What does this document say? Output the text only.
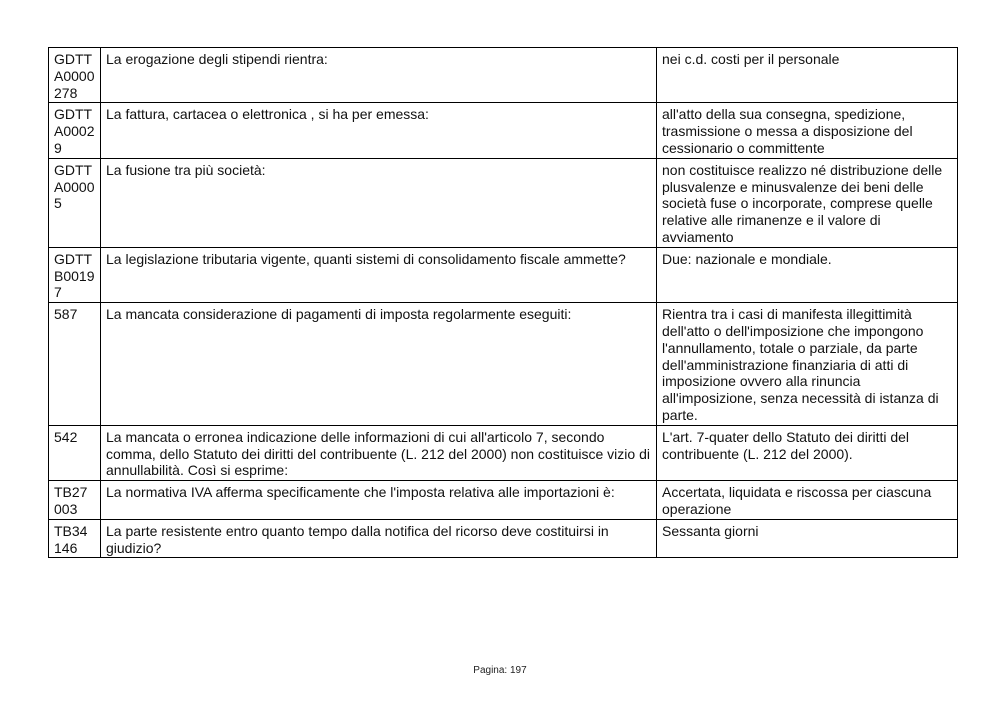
GDTTA0000278	La erogazione degli stipendi rientra:	nei c.d. costi per il personale
GDTTA00029	La fattura, cartacea o elettronica , si ha per emessa:	all'atto della sua consegna, spedizione, trasmissione o messa a disposizione del cessionario o committente
GDTTA00005	La fusione tra più società:	non costituisce realizzo né distribuzione delle plusvalenze e minusvalenze dei beni delle società fuse o incorporate, comprese quelle relative alle rimanenze e il valore di avviamento
GDTTB00197	La legislazione tributaria vigente, quanti sistemi di consolidamento fiscale ammette?	Due: nazionale e mondiale.
587	La mancata considerazione di pagamenti di imposta regolarmente eseguiti:	Rientra tra i casi di manifesta illegittimità dell'atto o dell'imposizione che impongono l'annullamento, totale o parziale, da parte dell'amministrazione finanziaria di atti di imposizione ovvero alla rinuncia all'imposizione, senza necessità di istanza di parte.
542	La mancata o erronea indicazione delle informazioni di cui all'articolo 7, secondo comma, dello Statuto dei diritti del contribuente (L. 212 del 2000) non costituisce vizio di annullabilità. Così si esprime:	L'art. 7-quater dello Statuto dei diritti del contribuente (L. 212 del 2000).
TB27003	La normativa IVA afferma specificamente che l'imposta relativa alle importazioni è:	Accertata, liquidata e riscossa per ciascuna operazione
TB34146	La parte resistente entro quanto tempo dalla notifica del ricorso deve costituirsi in giudizio?	Sessanta giorni
Pagina: 197
